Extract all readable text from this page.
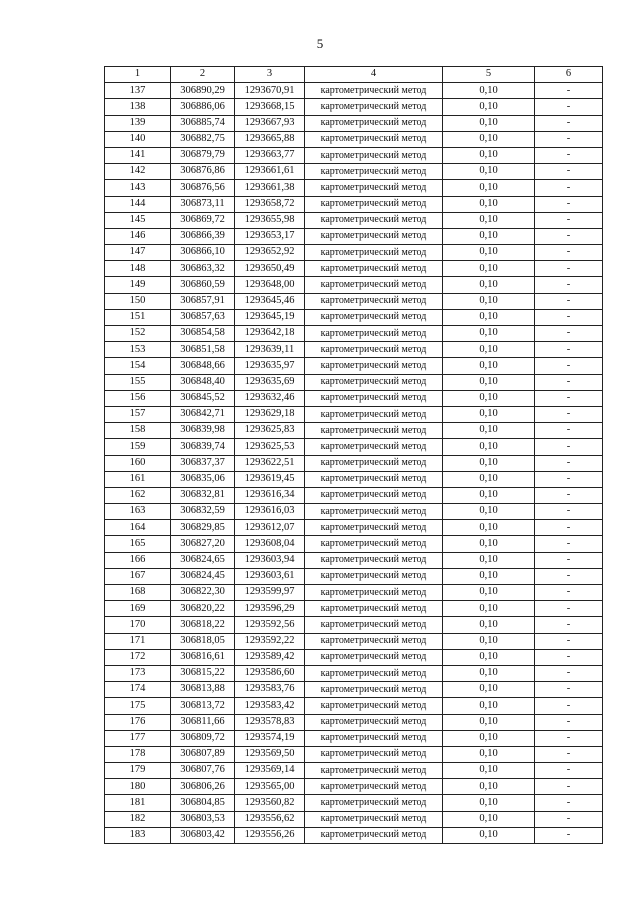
5
1	2	3	4	5	6
137	306890,29	1293670,91	картометрический метод	0,10	-
138	306886,06	1293668,15	картометрический метод	0,10	-
139	306885,74	1293667,93	картометрический метод	0,10	-
140	306882,75	1293665,88	картометрический метод	0,10	-
141	306879,79	1293663,77	картометрический метод	0,10	-
142	306876,86	1293661,61	картометрический метод	0,10	-
143	306876,56	1293661,38	картометрический метод	0,10	-
144	306873,11	1293658,72	картометрический метод	0,10	-
145	306869,72	1293655,98	картометрический метод	0,10	-
146	306866,39	1293653,17	картометрический метод	0,10	-
147	306866,10	1293652,92	картометрический метод	0,10	-
148	306863,32	1293650,49	картометрический метод	0,10	-
149	306860,59	1293648,00	картометрический метод	0,10	-
150	306857,91	1293645,46	картометрический метод	0,10	-
151	306857,63	1293645,19	картометрический метод	0,10	-
152	306854,58	1293642,18	картометрический метод	0,10	-
153	306851,58	1293639,11	картометрический метод	0,10	-
154	306848,66	1293635,97	картометрический метод	0,10	-
155	306848,40	1293635,69	картометрический метод	0,10	-
156	306845,52	1293632,46	картометрический метод	0,10	-
157	306842,71	1293629,18	картометрический метод	0,10	-
158	306839,98	1293625,83	картометрический метод	0,10	-
159	306839,74	1293625,53	картометрический метод	0,10	-
160	306837,37	1293622,51	картометрический метод	0,10	-
161	306835,06	1293619,45	картометрический метод	0,10	-
162	306832,81	1293616,34	картометрический метод	0,10	-
163	306832,59	1293616,03	картометрический метод	0,10	-
164	306829,85	1293612,07	картометрический метод	0,10	-
165	306827,20	1293608,04	картометрический метод	0,10	-
166	306824,65	1293603,94	картометрический метод	0,10	-
167	306824,45	1293603,61	картометрический метод	0,10	-
168	306822,30	1293599,97	картометрический метод	0,10	-
169	306820,22	1293596,29	картометрический метод	0,10	-
170	306818,22	1293592,56	картометрический метод	0,10	-
171	306818,05	1293592,22	картометрический метод	0,10	-
172	306816,61	1293589,42	картометрический метод	0,10	-
173	306815,22	1293586,60	картометрический метод	0,10	-
174	306813,88	1293583,76	картометрический метод	0,10	-
175	306813,72	1293583,42	картометрический метод	0,10	-
176	306811,66	1293578,83	картометрический метод	0,10	-
177	306809,72	1293574,19	картометрический метод	0,10	-
178	306807,89	1293569,50	картометрический метод	0,10	-
179	306807,76	1293569,14	картометрический метод	0,10	-
180	306806,26	1293565,00	картометрический метод	0,10	-
181	306804,85	1293560,82	картометрический метод	0,10	-
182	306803,53	1293556,62	картометрический метод	0,10	-
183	306803,42	1293556,26	картометрический метод	0,10	-
